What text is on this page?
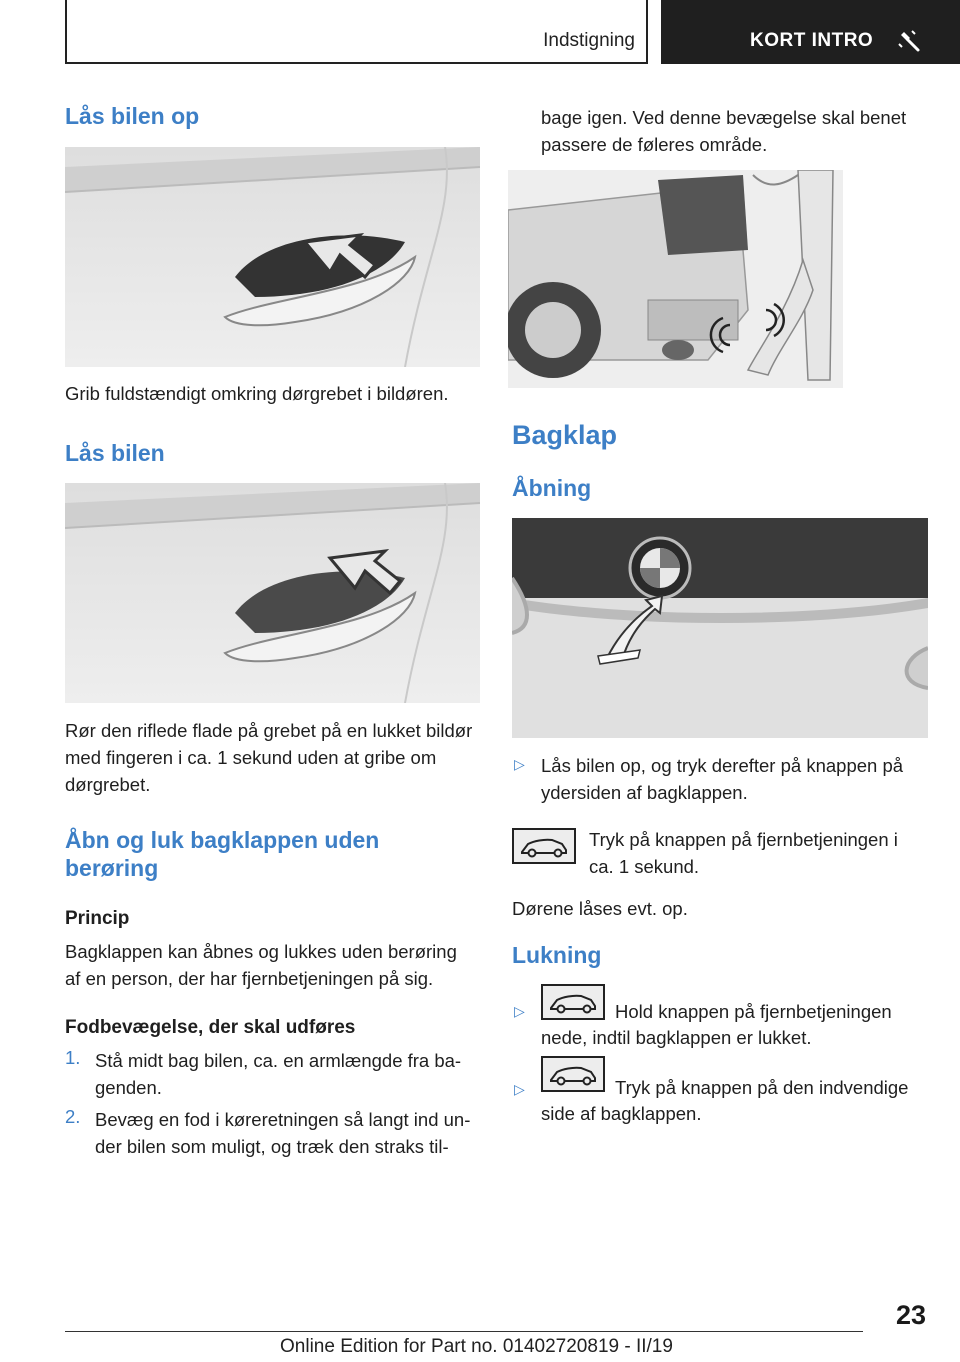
Indstigning	KORT INTRO
Lås bilen op
Grib fuldstændigt omkring dørgrebet i bildøren.
Lås bilen
Rør den riflede flade på grebet på en lukket bildør
med fingeren i ca. 1 sekund uden at gribe om
dørgrebet.
Åbn og luk bagklappen uden
berøring
Princip
Bagklappen kan åbnes og lukkes uden berøring
af en person, der har fjernbetjeningen på sig.
Fodbevægelse, der skal udføres
1. Stå midt bag bilen, ca. en armlængde fra ba-
genden.
2. Bevæg en fod i køreretningen så langt ind un-
der bilen som muligt, og træk den straks til-
bage igen. Ved denne bevægelse skal benet
passere de føleres område.
Bagklap
Åbning
▷ Lås bilen op, og tryk derefter på knappen på
ydersiden af bagklappen.
Tryk på knappen på fjernbetjeningen i
ca. 1 sekund.
Dørene låses evt. op.
Lukning
▷	Hold knappen på fjernbetjeningen
nede, indtil bagklappen er lukket.
▷	Tryk på knappen på den indvendige
side af bagklappen.
23
Online Edition for Part no. 01402720819 - II/19
